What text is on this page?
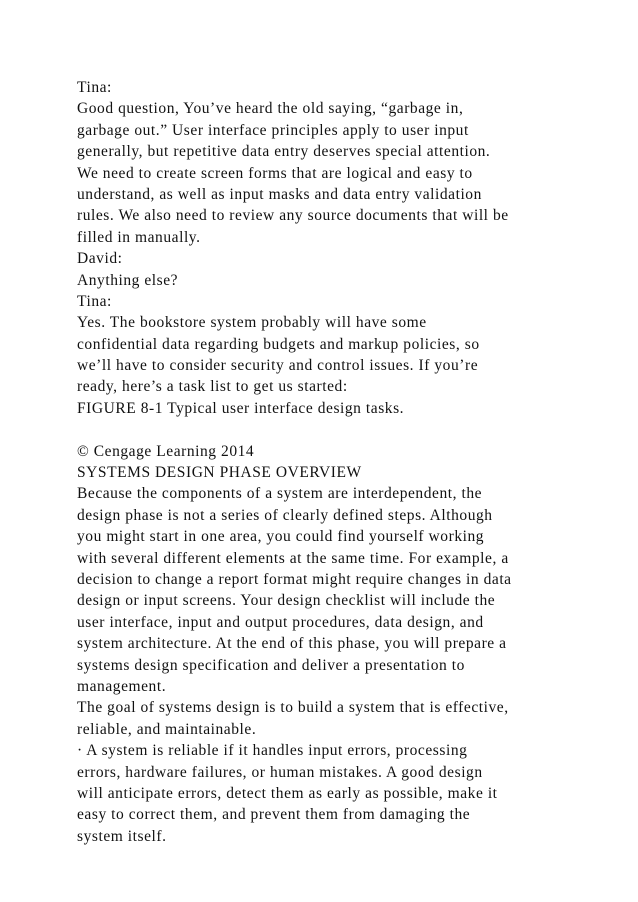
Tina:
Good question, You’ve heard the old saying, “garbage in,
garbage out.” User interface principles apply to user input
generally, but repetitive data entry deserves special attention.
We need to create screen forms that are logical and easy to
understand, as well as input masks and data entry validation
rules. We also need to review any source documents that will be
filled in manually.
David:
Anything else?
Tina:
Yes. The bookstore system probably will have some
confidential data regarding budgets and markup policies, so
we’ll have to consider security and control issues. If you’re
ready, here’s a task list to get us started:
FIGURE 8-1 Typical user interface design tasks.
© Cengage Learning 2014
SYSTEMS DESIGN PHASE OVERVIEW
Because the components of a system are interdependent, the
design phase is not a series of clearly defined steps. Although
you might start in one area, you could find yourself working
with several different elements at the same time. For example, a
decision to change a report format might require changes in data
design or input screens. Your design checklist will include the
user interface, input and output procedures, data design, and
system architecture. At the end of this phase, you will prepare a
systems design specification and deliver a presentation to
management.
The goal of systems design is to build a system that is effective,
reliable, and maintainable.
· A system is reliable if it handles input errors, processing
errors, hardware failures, or human mistakes. A good design
will anticipate errors, detect them as early as possible, make it
easy to correct them, and prevent them from damaging the
system itself.
